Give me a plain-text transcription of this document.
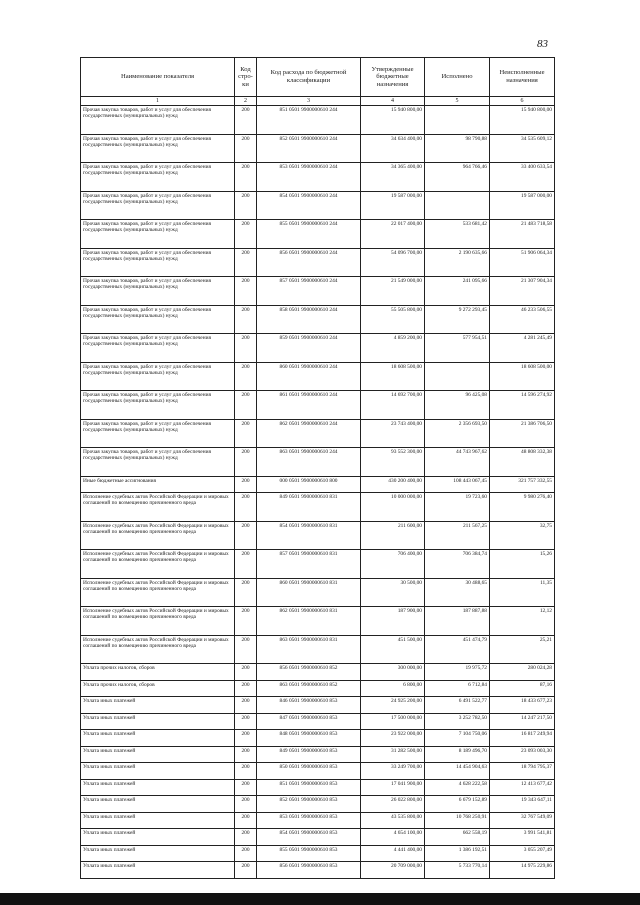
83
Наименование показателя	Код стро-ки	Код расхода по бюджетной классификации	Утвержденные бюджетные назначения	Исполнено	Неисполненные назначения
1	2	3	4	5	6
Прочая закупка товаров, работ и услуг для обеспечения государственных (муниципальных) нужд	200	851 0501 9900000610 244	15 940 800,00		15 940 800,00
Прочая закупка товаров, работ и услуг для обеспечения государственных (муниципальных) нужд	200	852 0501 9900000610 244	34 634 400,00	98 790,88	34 535 609,12
Прочая закупка товаров, работ и услуг для обеспечения государственных (муниципальных) нужд	200	853 0501 9900000610 244	34 365 400,00	964 766,46	33 400 633,54
Прочая закупка товаров, работ и услуг для обеспечения государственных (муниципальных) нужд	200	854 0501 9900000610 244	19 587 000,00		19 587 000,00
Прочая закупка товаров, работ и услуг для обеспечения государственных (муниципальных) нужд	200	855 0501 9900000610 244	22 017 400,00	533 681,42	21 483 718,58
Прочая закупка товаров, работ и услуг для обеспечения государственных (муниципальных) нужд	200	856 0501 9900000610 244	54 096 700,00	2 190 635,66	51 906 064,34
Прочая закупка товаров, работ и услуг для обеспечения государственных (муниципальных) нужд	200	857 0501 9900000610 244	21 549 000,00	241 095,66	21 307 904,34
Прочая закупка товаров, работ и услуг для обеспечения государственных (муниципальных) нужд	200	858 0501 9900000610 244	55 505 800,00	9 272 293,45	46 233 506,55
Прочая закупка товаров, работ и услуг для обеспечения государственных (муниципальных) нужд	200	859 0501 9900000610 244	4 859 200,00	577 954,51	4 281 245,49
Прочая закупка товаров, работ и услуг для обеспечения государственных (муниципальных) нужд	200	860 0501 9900000610 244	18 608 500,00		18 608 500,00
Прочая закупка товаров, работ и услуг для обеспечения государственных (муниципальных) нужд	200	861 0501 9900000610 244	14 692 700,00	96 425,08	14 596 274,92
Прочая закупка товаров, работ и услуг для обеспечения государственных (муниципальных) нужд	200	862 0501 9900000610 244	23 743 400,00	2 356 693,50	21 386 706,50
Прочая закупка товаров, работ и услуг для обеспечения государственных (муниципальных) нужд	200	863 0501 9900000610 244	93 552 300,00	44 743 967,62	48 808 332,38
Иные бюджетные ассигнования	200	000 0501 9900000610 800	430 200 400,00	108 443 067,45	321 757 332,55
Исполнение судебных актов Российской Федерации и мировых соглашений по возмещению причиненного вреда	200	849 0501 9900000610 831	10 000 000,00	19 723,60	9 980 276,40
Исполнение судебных актов Российской Федерации и мировых соглашений по возмещению причиненного вреда	200	854 0501 9900000610 831	211 600,00	211 567,25	32,75
Исполнение судебных актов Российской Федерации и мировых соглашений по возмещению причиненного вреда	200	857 0501 9900000610 831	706 400,00	706 384,74	15,26
Исполнение судебных актов Российской Федерации и мировых соглашений по возмещению причиненного вреда	200	860 0501 9900000610 831	30 500,00	30 488,65	11,35
Исполнение судебных актов Российской Федерации и мировых соглашений по возмещению причиненного вреда	200	862 0501 9900000610 831	187 900,00	187 887,88	12,12
Исполнение судебных актов Российской Федерации и мировых соглашений по возмещению причиненного вреда	200	863 0501 9900000610 831	451 500,00	451 474,79	25,21
Уплата прочих налогов, сборов	200	856 0501 9900000610 852	300 000,00	19 975,72	280 024,28
Уплата прочих налогов, сборов	200	863 0501 9900000610 852	6 800,00	6 712,84	87,16
Уплата иных платежей	200	846 0501 9900000610 853	24 925 200,00	6 491 522,77	18 433 677,23
Уплата иных платежей	200	847 0501 9900000610 853	17 500 000,00	3 252 782,50	14 247 217,50
Уплата иных платежей	200	848 0501 9900000610 853	23 922 000,00	7 104 750,06	16 817 249,94
Уплата иных платежей	200	849 0501 9900000610 853	31 282 500,00	8 189 496,70	23 093 003,30
Уплата иных платежей	200	850 0501 9900000610 853	33 249 700,00	14 454 904,63	18 794 795,37
Уплата иных платежей	200	851 0501 9900000610 853	17 041 900,00	4 628 222,58	12 413 677,42
Уплата иных платежей	200	852 0501 9900000610 853	26 022 800,00	6 679 152,89	19 343 647,11
Уплата иных платежей	200	853 0501 9900000610 853	43 535 800,00	10 768 250,91	32 767 549,09
Уплата иных платежей	200	854 0501 9900000610 853	4 654 100,00	662 558,19	3 991 541,81
Уплата иных платежей	200	855 0501 9900000610 853	4 441 400,00	1 386 192,51	3 055 207,49
Уплата иных платежей	200	856 0501 9900000610 853	20 709 000,00	5 733 770,14	14 975 229,86
